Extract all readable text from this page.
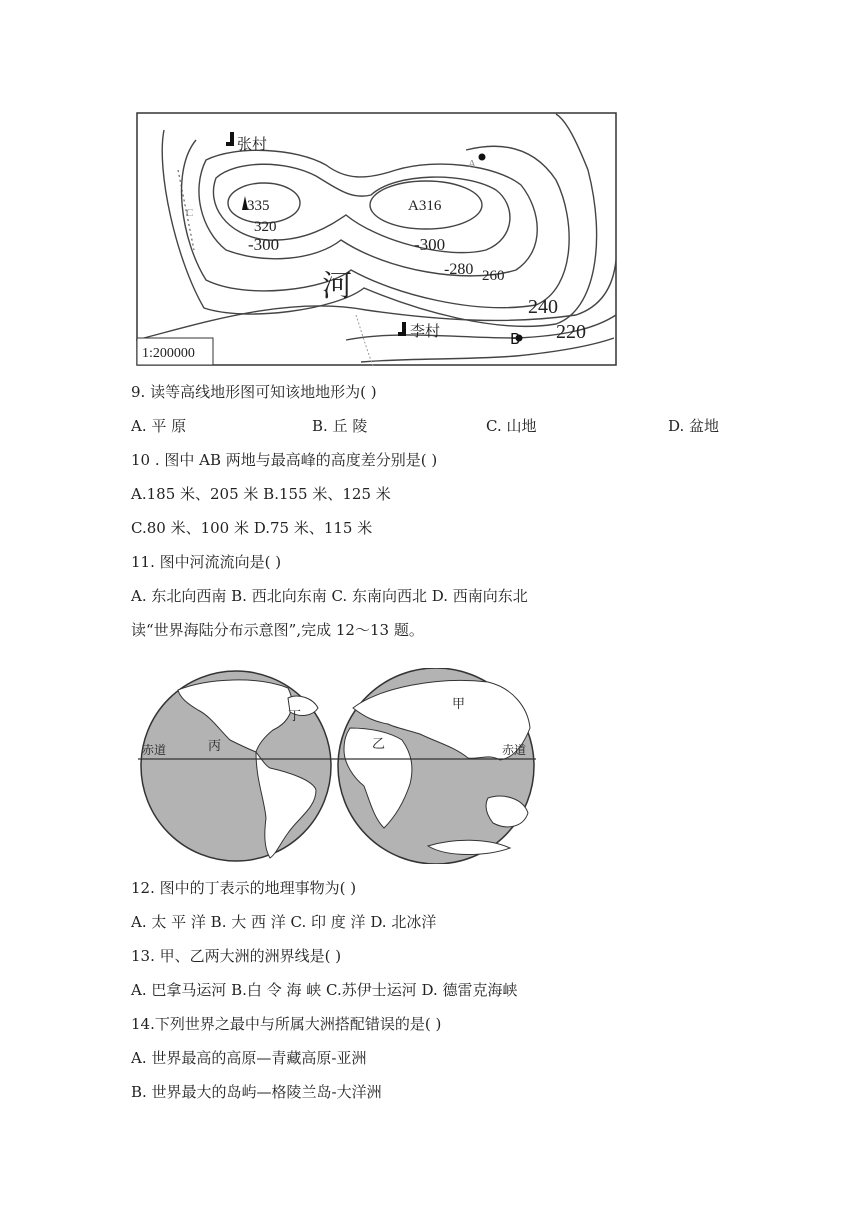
张村
李村
335	A316
320
-300	-300
-280 260
240
220
河
A
B
C
1:200000
9. 读等高线地形图可知该地地形为( )
A. 平 原	B. 丘 陵	C. 山地	D. 盆地
10 . 图中 AB 两地与最高峰的高度差分别是( )
A.185 米、205 米 B.155 米、125 米
C.80 米、100 米 D.75 米、115 米
11. 图中河流流向是( )
A. 东北向西南 B. 西北向东南 C. 东南向西北 D. 西南向东北
读“世界海陆分布示意图”,完成 12～13 题。
丁
丙
赤道
甲
乙	赤道
12. 图中的丁表示的地理事物为( )
A. 太 平 洋 B. 大 西 洋 C. 印 度 洋 D. 北冰洋
13. 甲、乙两大洲的洲界线是( )
A. 巴拿马运河 B.白 令 海 峡 C.苏伊士运河 D. 德雷克海峡
14.下列世界之最中与所属大洲搭配错误的是( )
A. 世界最高的高原—青藏高原-亚洲
B. 世界最大的岛屿—格陵兰岛-大洋洲
